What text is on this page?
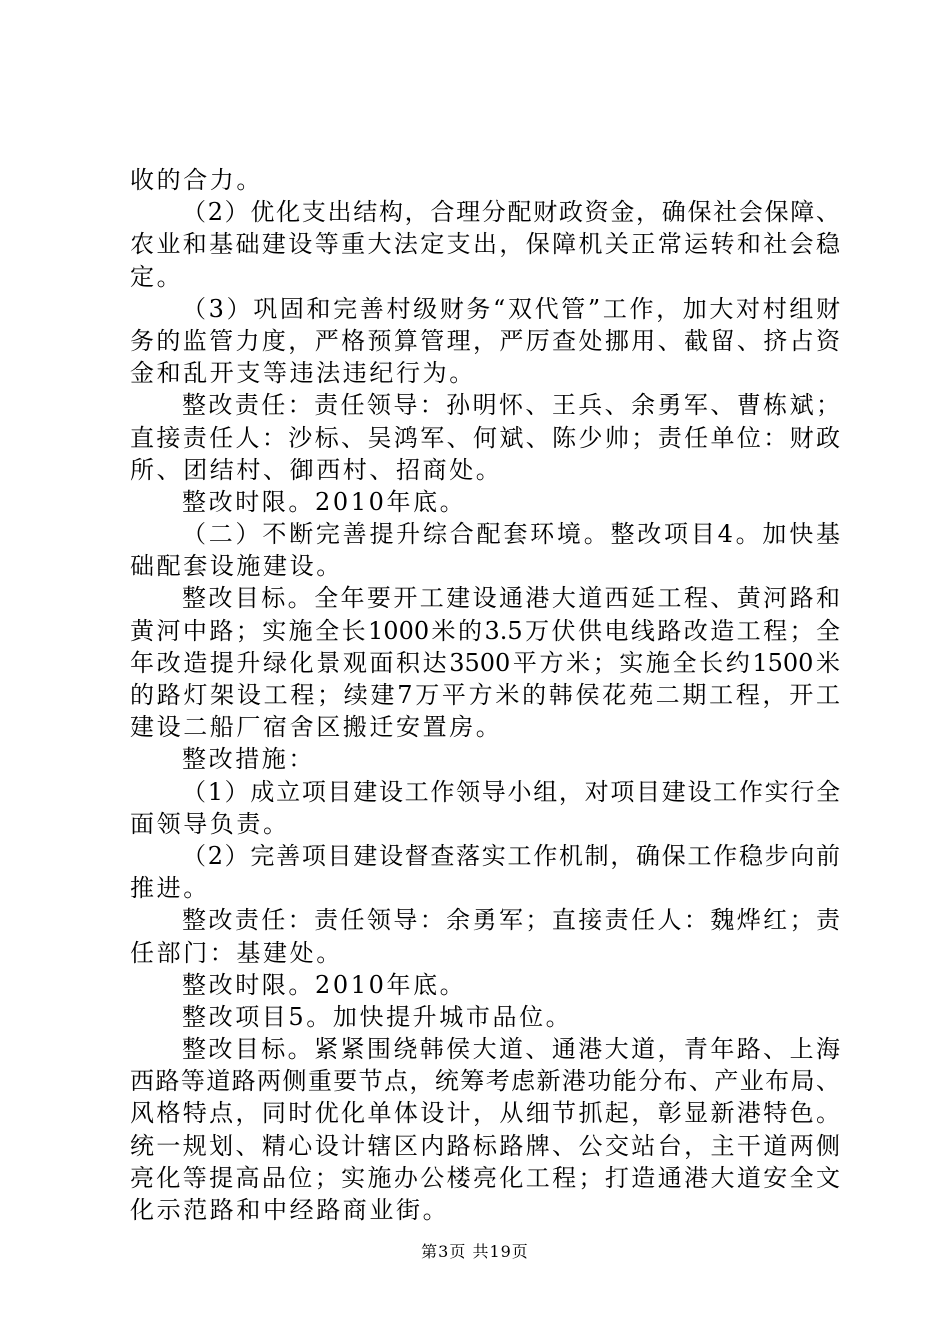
收的合力。
（2）优化支出结构，合理分配财政资金，确保社会保障、
农业和基础建设等重大法定支出，保障机关正常运转和社会稳
定。
（3）巩固和完善村级财务“双代管”工作，加大对村组财
务的监管力度，严格预算管理，严厉查处挪用、截留、挤占资
金和乱开支等违法违纪行为。
整改责任：责任领导：孙明怀、王兵、余勇军、曹栋斌；
直接责任人：沙标、吴鸿军、何斌、陈少帅；责任单位：财政
所、团结村、御西村、招商处。
整改时限。2010年底。
（二）不断完善提升综合配套环境。整改项目4。加快基
础配套设施建设。
整改目标。全年要开工建设通港大道西延工程、黄河路和
黄河中路；实施全长1000米的3.5万伏供电线路改造工程；全
年改造提升绿化景观面积达3500平方米；实施全长约1500米
的路灯架设工程；续建7万平方米的韩侯花苑二期工程，开工
建设二船厂宿舍区搬迁安置房。
整改措施：
（1）成立项目建设工作领导小组，对项目建设工作实行全
面领导负责。
（2）完善项目建设督查落实工作机制，确保工作稳步向前
推进。
整改责任：责任领导：余勇军；直接责任人：魏烨红；责
任部门：基建处。
整改时限。2010年底。
整改项目5。加快提升城市品位。
整改目标。紧紧围绕韩侯大道、通港大道，青年路、上海
西路等道路两侧重要节点，统筹考虑新港功能分布、产业布局、
风格特点，同时优化单体设计，从细节抓起，彰显新港特色。
统一规划、精心设计辖区内路标路牌、公交站台，主干道两侧
亮化等提高品位；实施办公楼亮化工程；打造通港大道安全文
化示范路和中经路商业街。
第3页 共19页
